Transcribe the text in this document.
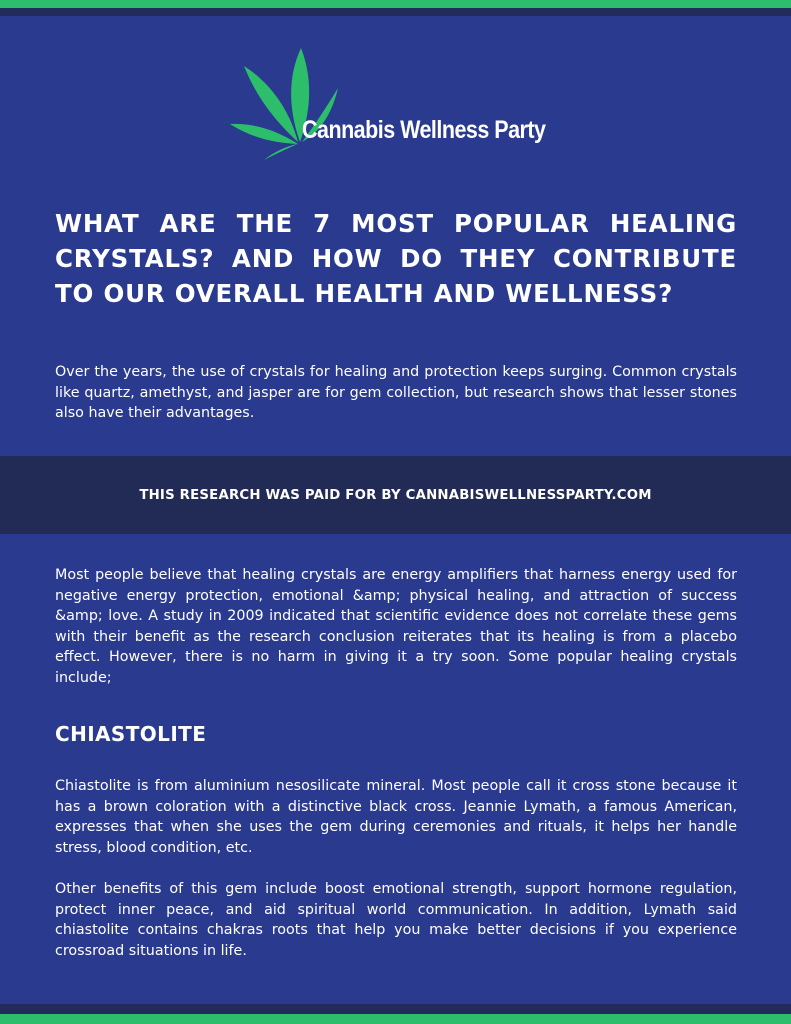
Cannabis Wellness Party
WHAT ARE THE 7 MOST POPULAR HEALING CRYSTALS? AND HOW DO THEY CONTRIBUTE TO OUR OVERALL HEALTH AND WELLNESS?

Over the years, the use of crystals for healing and protection keeps surging. Common crystals like quartz, amethyst, and jasper are for gem collection, but research shows that lesser stones also have their advantages.

THIS RESEARCH WAS PAID FOR BY CANNABISWELLNESSPARTY.COM

Most people believe that healing crystals are energy amplifiers that harness energy used for negative energy protection, emotional &amp; physical healing, and attraction of success &amp; love. A study in 2009 indicated that scientific evidence does not correlate these gems with their benefit as the research conclusion reiterates that its healing is from a placebo effect. However, there is no harm in giving it a try soon. Some popular healing crystals include;

CHIASTOLITE

Chiastolite is from aluminium nesosilicate mineral. Most people call it cross stone because it has a brown coloration with a distinctive black cross. Jeannie Lymath, a famous American, expresses that when she uses the gem during ceremonies and rituals, it helps her handle stress, blood condition, etc.

Other benefits of this gem include boost emotional strength, support hormone regulation, protect inner peace, and aid spiritual world communication. In addition, Lymath said chiastolite contains chakras roots that help you make better decisions if you experience crossroad situations in life.
